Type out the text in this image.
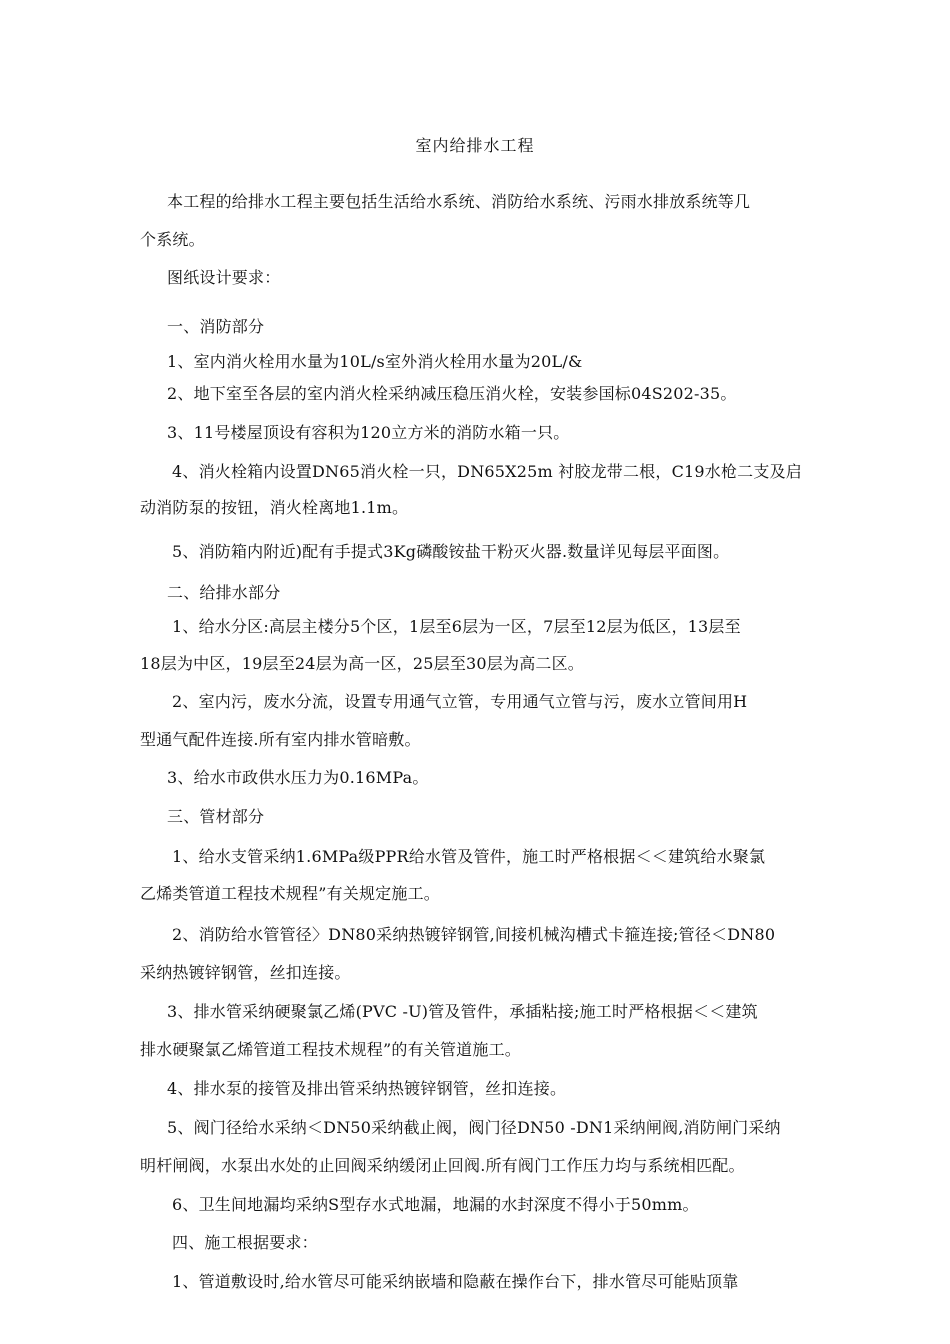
室内给排水工程
本工程的给排水工程主要包括生活给水系统、消防给水系统、污雨水排放系统等几
个系统。
图纸设计要求：
一、消防部分
1、室内消火栓用水量为10L/s室外消火栓用水量为20L/&
2、地下室至各层的室内消火栓采纳减压稳压消火栓，安装参国标04S202-35。
3、11号楼屋顶设有容积为120立方米的消防水箱一只。
4、消火栓箱内设置DN65消火栓一只，DN65X25m 衬胶龙带二根，C19水枪二支及启
动消防泵的按钮，消火栓离地1.1m。
5、消防箱内附近)配有手提式3Kg磷酸铵盐干粉灭火器.数量详见每层平面图。
二、给排水部分
1、给水分区:高层主楼分5个区，1层至6层为一区，7层至12层为低区，13层至
18层为中区，19层至24层为高一区，25层至30层为高二区。
2、室内污，废水分流，设置专用通气立管，专用通气立管与污，废水立管间用H
型通气配件连接.所有室内排水管暗敷。
3、给水市政供水压力为0.16MPa。
三、管材部分
1、给水支管采纳1.6MPa级PPR给水管及管件，施工时严格根据＜＜建筑给水聚氯
乙烯类管道工程技术规程”有关规定施工。
2、消防给水管管径〉DN80采纳热镀锌钢管,间接机械沟槽式卡箍连接;管径＜DN80
采纳热镀锌钢管，丝扣连接。
3、排水管采纳硬聚氯乙烯(PVC -U)管及管件，承插粘接;施工时严格根据＜＜建筑
排水硬聚氯乙烯管道工程技术规程”的有关管道施工。
4、排水泵的接管及排出管采纳热镀锌钢管，丝扣连接。
5、阀门径给水采纳＜DN50采纳截止阀，阀门径DN50 -DN1采纳闸阀,消防闸门采纳
明杆闸阀，水泵出水处的止回阀采纳缓闭止回阀.所有阀门工作压力均与系统相匹配。
6、卫生间地漏均采纳S型存水式地漏，地漏的水封深度不得小于50mm。
四、施工根据要求：
1、管道敷设时,给水管尽可能采纳嵌墙和隐蔽在操作台下，排水管尽可能贴顶靠
